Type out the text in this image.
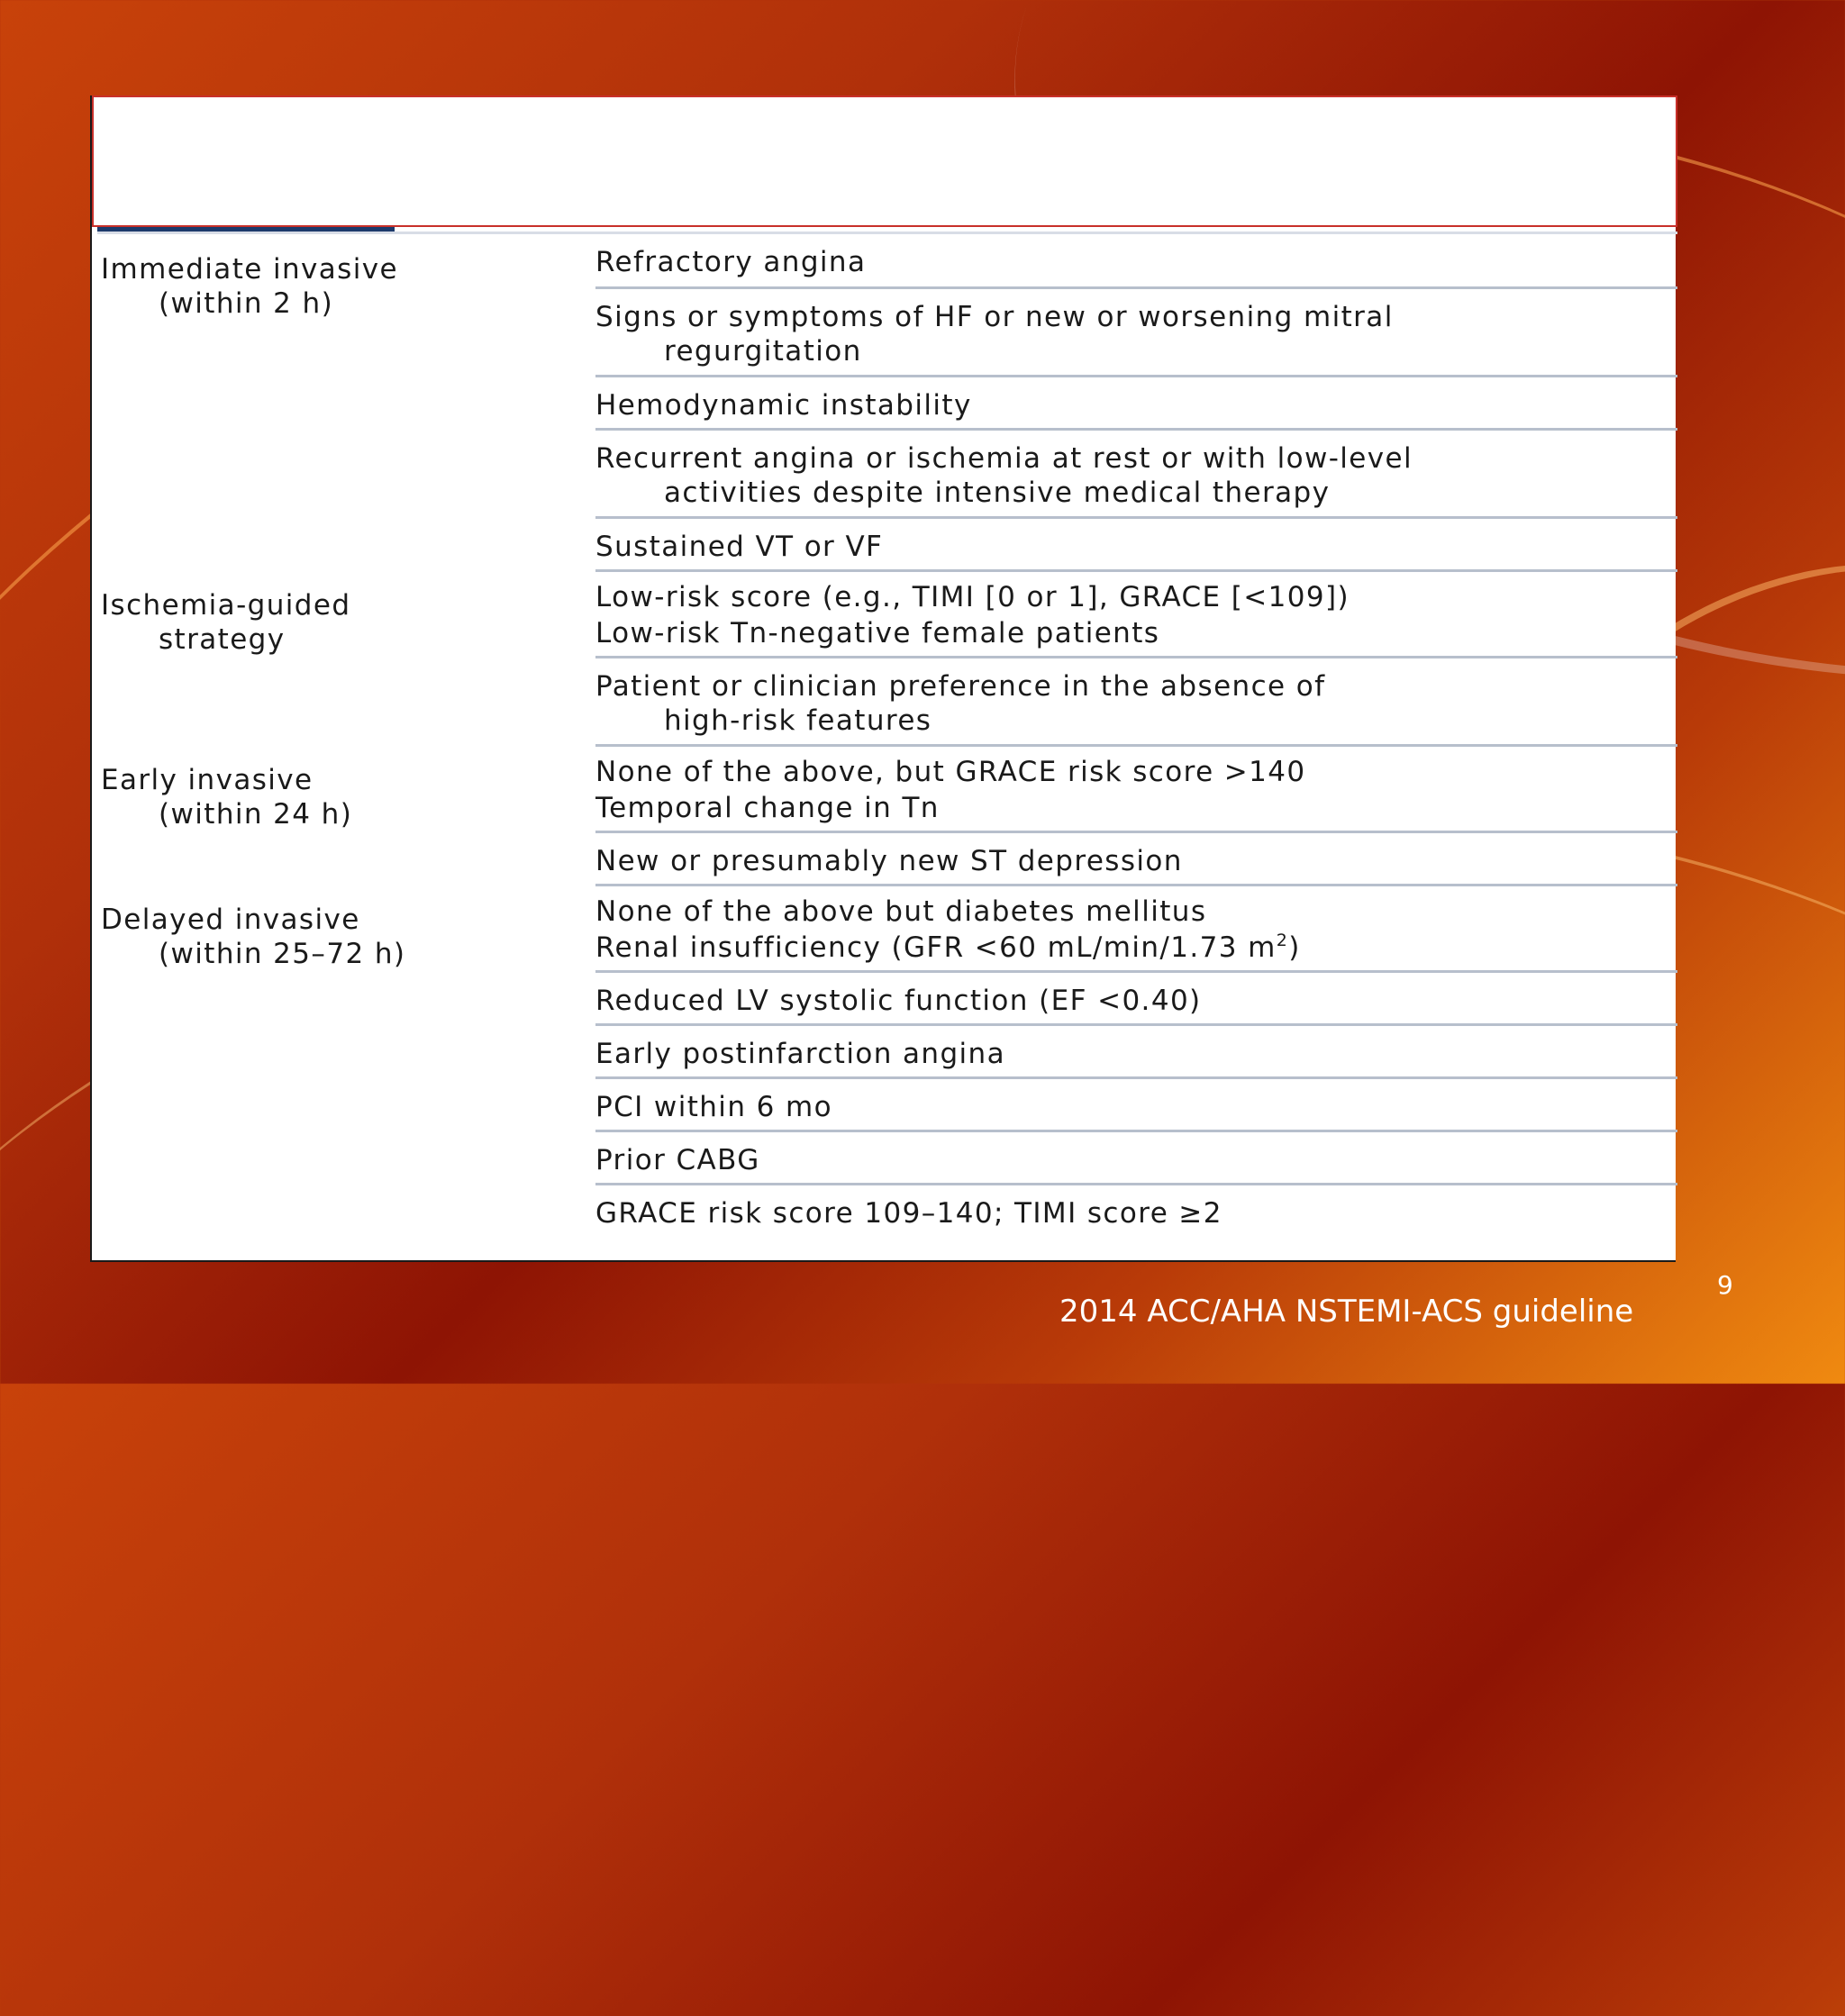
Immediate invasive
(within 2 h)	Refractory angina

	Signs or symptoms of HF or new or worsening mitral
regurgitation

	Hemodynamic instability

	Recurrent angina or ischemia at rest or with low-level
activities despite intensive medical therapy

	Sustained VT or VF

Ischemia-guided
strategy	Low-risk score (e.g., TIMI [0 or 1], GRACE [<109])
Low-risk Tn-negative female patients

	Patient or clinician preference in the absence of
high-risk features

Early invasive
(within 24 h)	None of the above, but GRACE risk score >140
Temporal change in Tn

	New or presumably new ST depression

Delayed invasive
(within 25–72 h)	None of the above but diabetes mellitus
Renal insufficiency (GFR <60 mL/min/1.73 $m^2$)

	Reduced LV systolic function (EF <0.40)

	Early postinfarction angina

	PCI within 6 mo

	Prior CABG

	GRACE risk score 109–140; TIMI score ≥2
9
2014 ACC/AHA NSTEMI-ACS guideline
